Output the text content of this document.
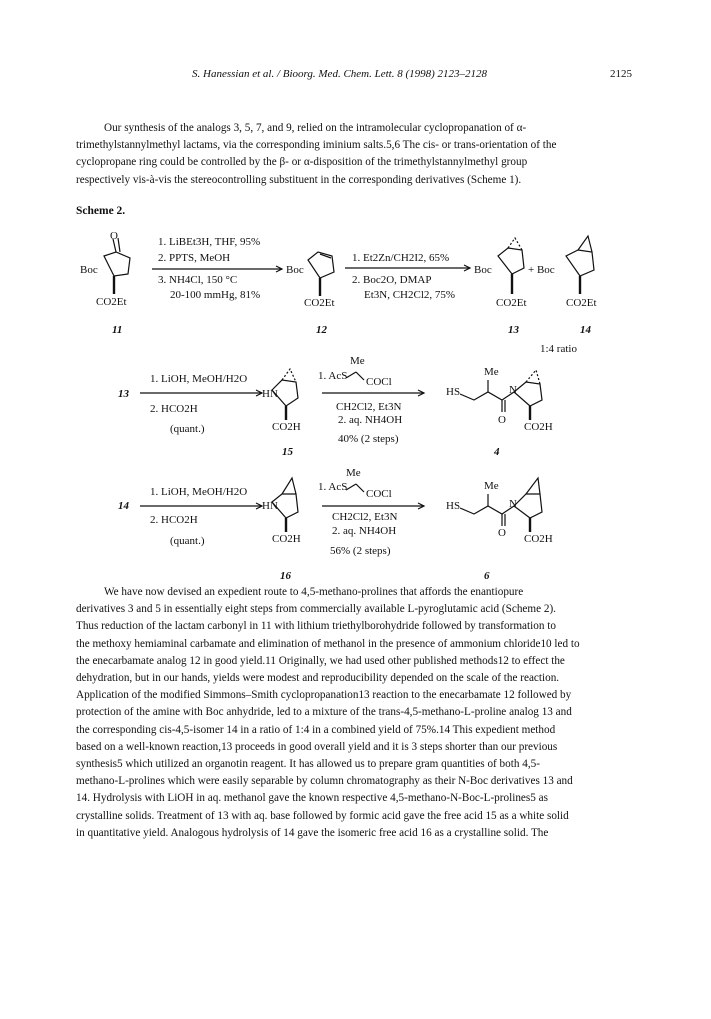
S. Hanessian et al. / Bioorg. Med. Chem. Lett. 8 (1998) 2123–2128	2125
Our synthesis of the analogs 3, 5, 7, and 9, relied on the intramolecular cyclopropanation of α-
trimethylstannylmethyl lactams, via the corresponding iminium salts.5,6 The cis- or trans-orientation of the
cyclopropane ring could be controlled by the β- or α-disposition of the trimethylstannylmethyl group
respectively vis-à-vis the stereocontrolling substituent in the corresponding derivatives (Scheme 1).
Scheme 2.
Boc
O
CO2Et
11
1. LiBEt3H, THF, 95%
2. PPTS, MeOH
3. NH4Cl, 150 °C
20-100 mmHg, 81%
Boc
CO2Et
12
1. Et2Zn/CH2I2, 65%
2. Boc2O, DMAP
Et3N, CH2Cl2, 75%
Boc
CO2Et
13
+ Boc
CO2Et
14
1:4 ratio
13
1. LiOH, MeOH/H2O
2. HCO2H
(quant.)
HN
CO2H
15
Me
1. AcS COCl
CH2Cl2, Et3N
2. aq. NH4OH
40% (2 steps)
HS
Me
N
O
CO2H
4
14
1. LiOH, MeOH/H2O
2. HCO2H
(quant.)
HN
CO2H
16
Me
1. AcS
COCl
CH2Cl2, Et3N
2. aq. NH4OH
56% (2 steps)
HS
Me
N
O CO2H
6
We have now devised an expedient route to 4,5-methano-prolines that affords the enantiopure
derivatives 3 and 5 in essentially eight steps from commercially available L-pyroglutamic acid (Scheme 2).
Thus reduction of the lactam carbonyl in 11 with lithium triethylborohydride followed by transformation to
the methoxy hemiaminal carbamate and elimination of methanol in the presence of ammonium chloride10 led to
the enecarbamate analog 12 in good yield.11 Originally, we had used other published methods12 to effect the
dehydration, but in our hands, yields were modest and reproducibility depended on the scale of the reaction.
Application of the modified Simmons–Smith cyclopropanation13 reaction to the enecarbamate 12 followed by
protection of the amine with Boc anhydride, led to a mixture of the trans-4,5-methano-L-proline analog 13 and
the corresponding cis-4,5-isomer 14 in a ratio of 1:4 in a combined yield of 75%.14 This expedient method
based on a well-known reaction,13 proceeds in good overall yield and it is 3 steps shorter than our previous
synthesis5 which utilized an organotin reagent. It has allowed us to prepare gram quantities of both 4,5-
methano-L-prolines which were easily separable by column chromatography as their N-Boc derivatives 13 and
14. Hydrolysis with LiOH in aq. methanol gave the known respective 4,5-methano-N-Boc-L-prolines5 as
crystalline solids. Treatment of 13 with aq. base followed by formic acid gave the free acid 15 as a white solid
in quantitative yield. Analogous hydrolysis of 14 gave the isomeric free acid 16 as a crystalline solid. The
